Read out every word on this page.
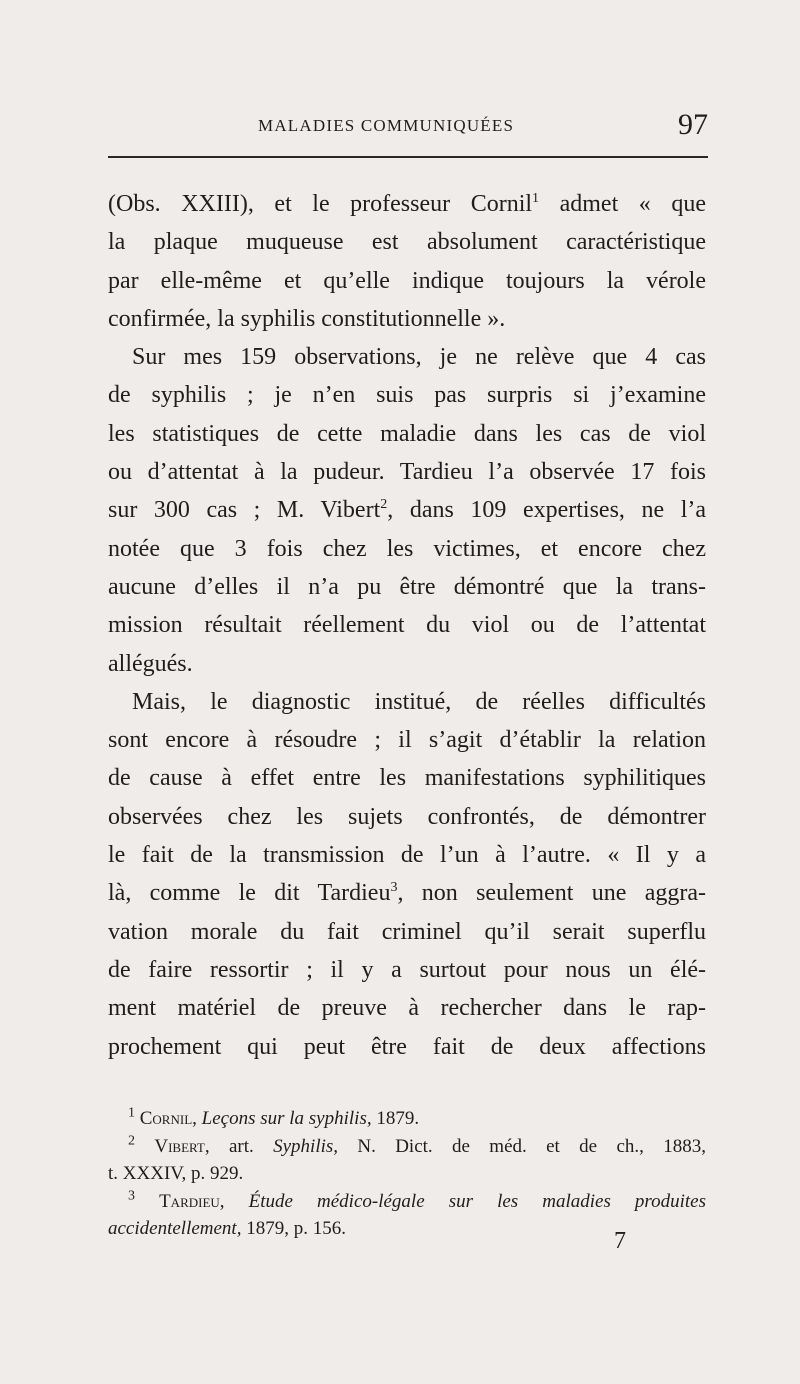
MALADIES COMMUNIQUÉES	97
(Obs. XXIII), et le professeur Cornil$^1$ admet « que
la plaque muqueuse est absolument caractéristique
par elle-même et qu’elle indique toujours la vérole
confirmée, la syphilis constitutionnelle ».
Sur mes 159 observations, je ne relève que 4 cas
de syphilis ; je n’en suis pas surpris si j’examine
les statistiques de cette maladie dans les cas de viol
ou d’attentat à la pudeur. Tardieu l’a observée 17 fois
sur 300 cas ; M. Vibert$^2$, dans 109 expertises, ne l’a
notée que 3 fois chez les victimes, et encore chez
aucune d’elles il n’a pu être démontré que la trans-
mission résultait réellement du viol ou de l’attentat
allégués.
Mais, le diagnostic institué, de réelles difficultés
sont encore à résoudre ; il s’agit d’établir la relation
de cause à effet entre les manifestations syphilitiques
observées chez les sujets confrontés, de démontrer
le fait de la transmission de l’un à l’autre. « Il y a
là, comme le dit Tardieu$^3$, non seulement une aggra-
vation morale du fait criminel qu’il serait superflu
de faire ressortir ; il y a surtout pour nous un élé-
ment matériel de preuve à rechercher dans le rap-
prochement qui peut être fait de deux affections
$^1$ Cornil, Leçons sur la syphilis, 1879.
$^2$ Vibert, art. Syphilis, N. Dict. de méd. et de ch., 1883,
t. XXXIV, p. 929.
$^3$ Tardieu, Étude médico-légale sur les maladies produites
accidentellement, 1879, p. 156.	7
